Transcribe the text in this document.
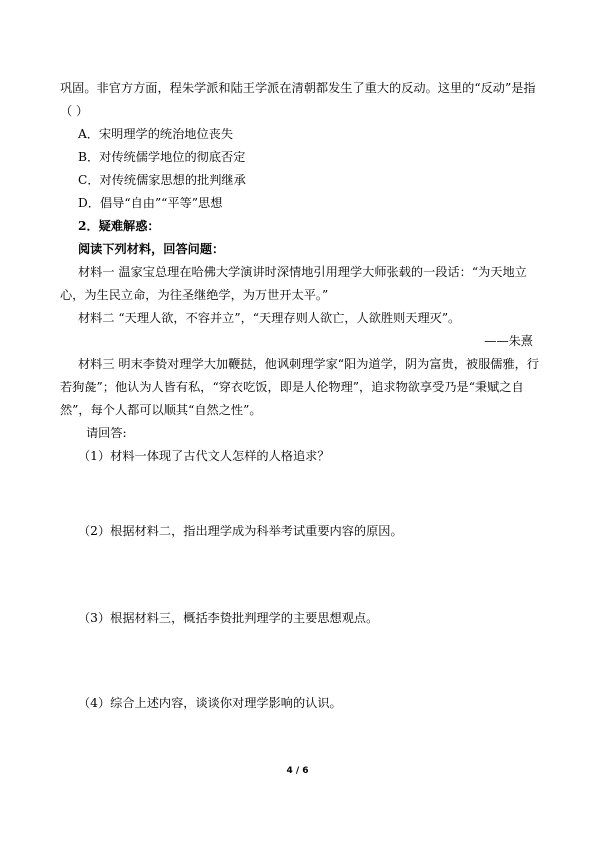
巩固。非官方方面，程朱学派和陆王学派在清朝都发生了重大的反动。这里的“反动”是指
（ ）
A．宋明理学的统治地位丧失
B．对传统儒学地位的彻底否定
C．对传统儒家思想的批判继承
D．倡导“自由”“平等”思想
2．疑难解惑：
阅读下列材料，回答问题：
材料一 温家宝总理在哈佛大学演讲时深情地引用理学大师张载的一段话：“为天地立
心，为生民立命，为往圣继绝学，为万世开太平。”
材料二 “天理人欲，不容并立”，“天理存则人欲亡，人欲胜则天理灭”。
——朱熹
材料三 明末李贽对理学大加鞭挞，他讽刺理学家“阳为道学，阴为富贵，被服儒雅，行
若狗彘”；他认为人皆有私，“穿衣吃饭，即是人伦物理”，追求物欲享受乃是“秉赋之自
然”，每个人都可以顺其“自然之性”。
请回答:
（1）材料一体现了古代文人怎样的人格追求？
（2）根据材料二，指出理学成为科举考试重要内容的原因。
（3）根据材料三，概括李贽批判理学的主要思想观点。
（4）综合上述内容，谈谈你对理学影响的认识。
4 / 6
